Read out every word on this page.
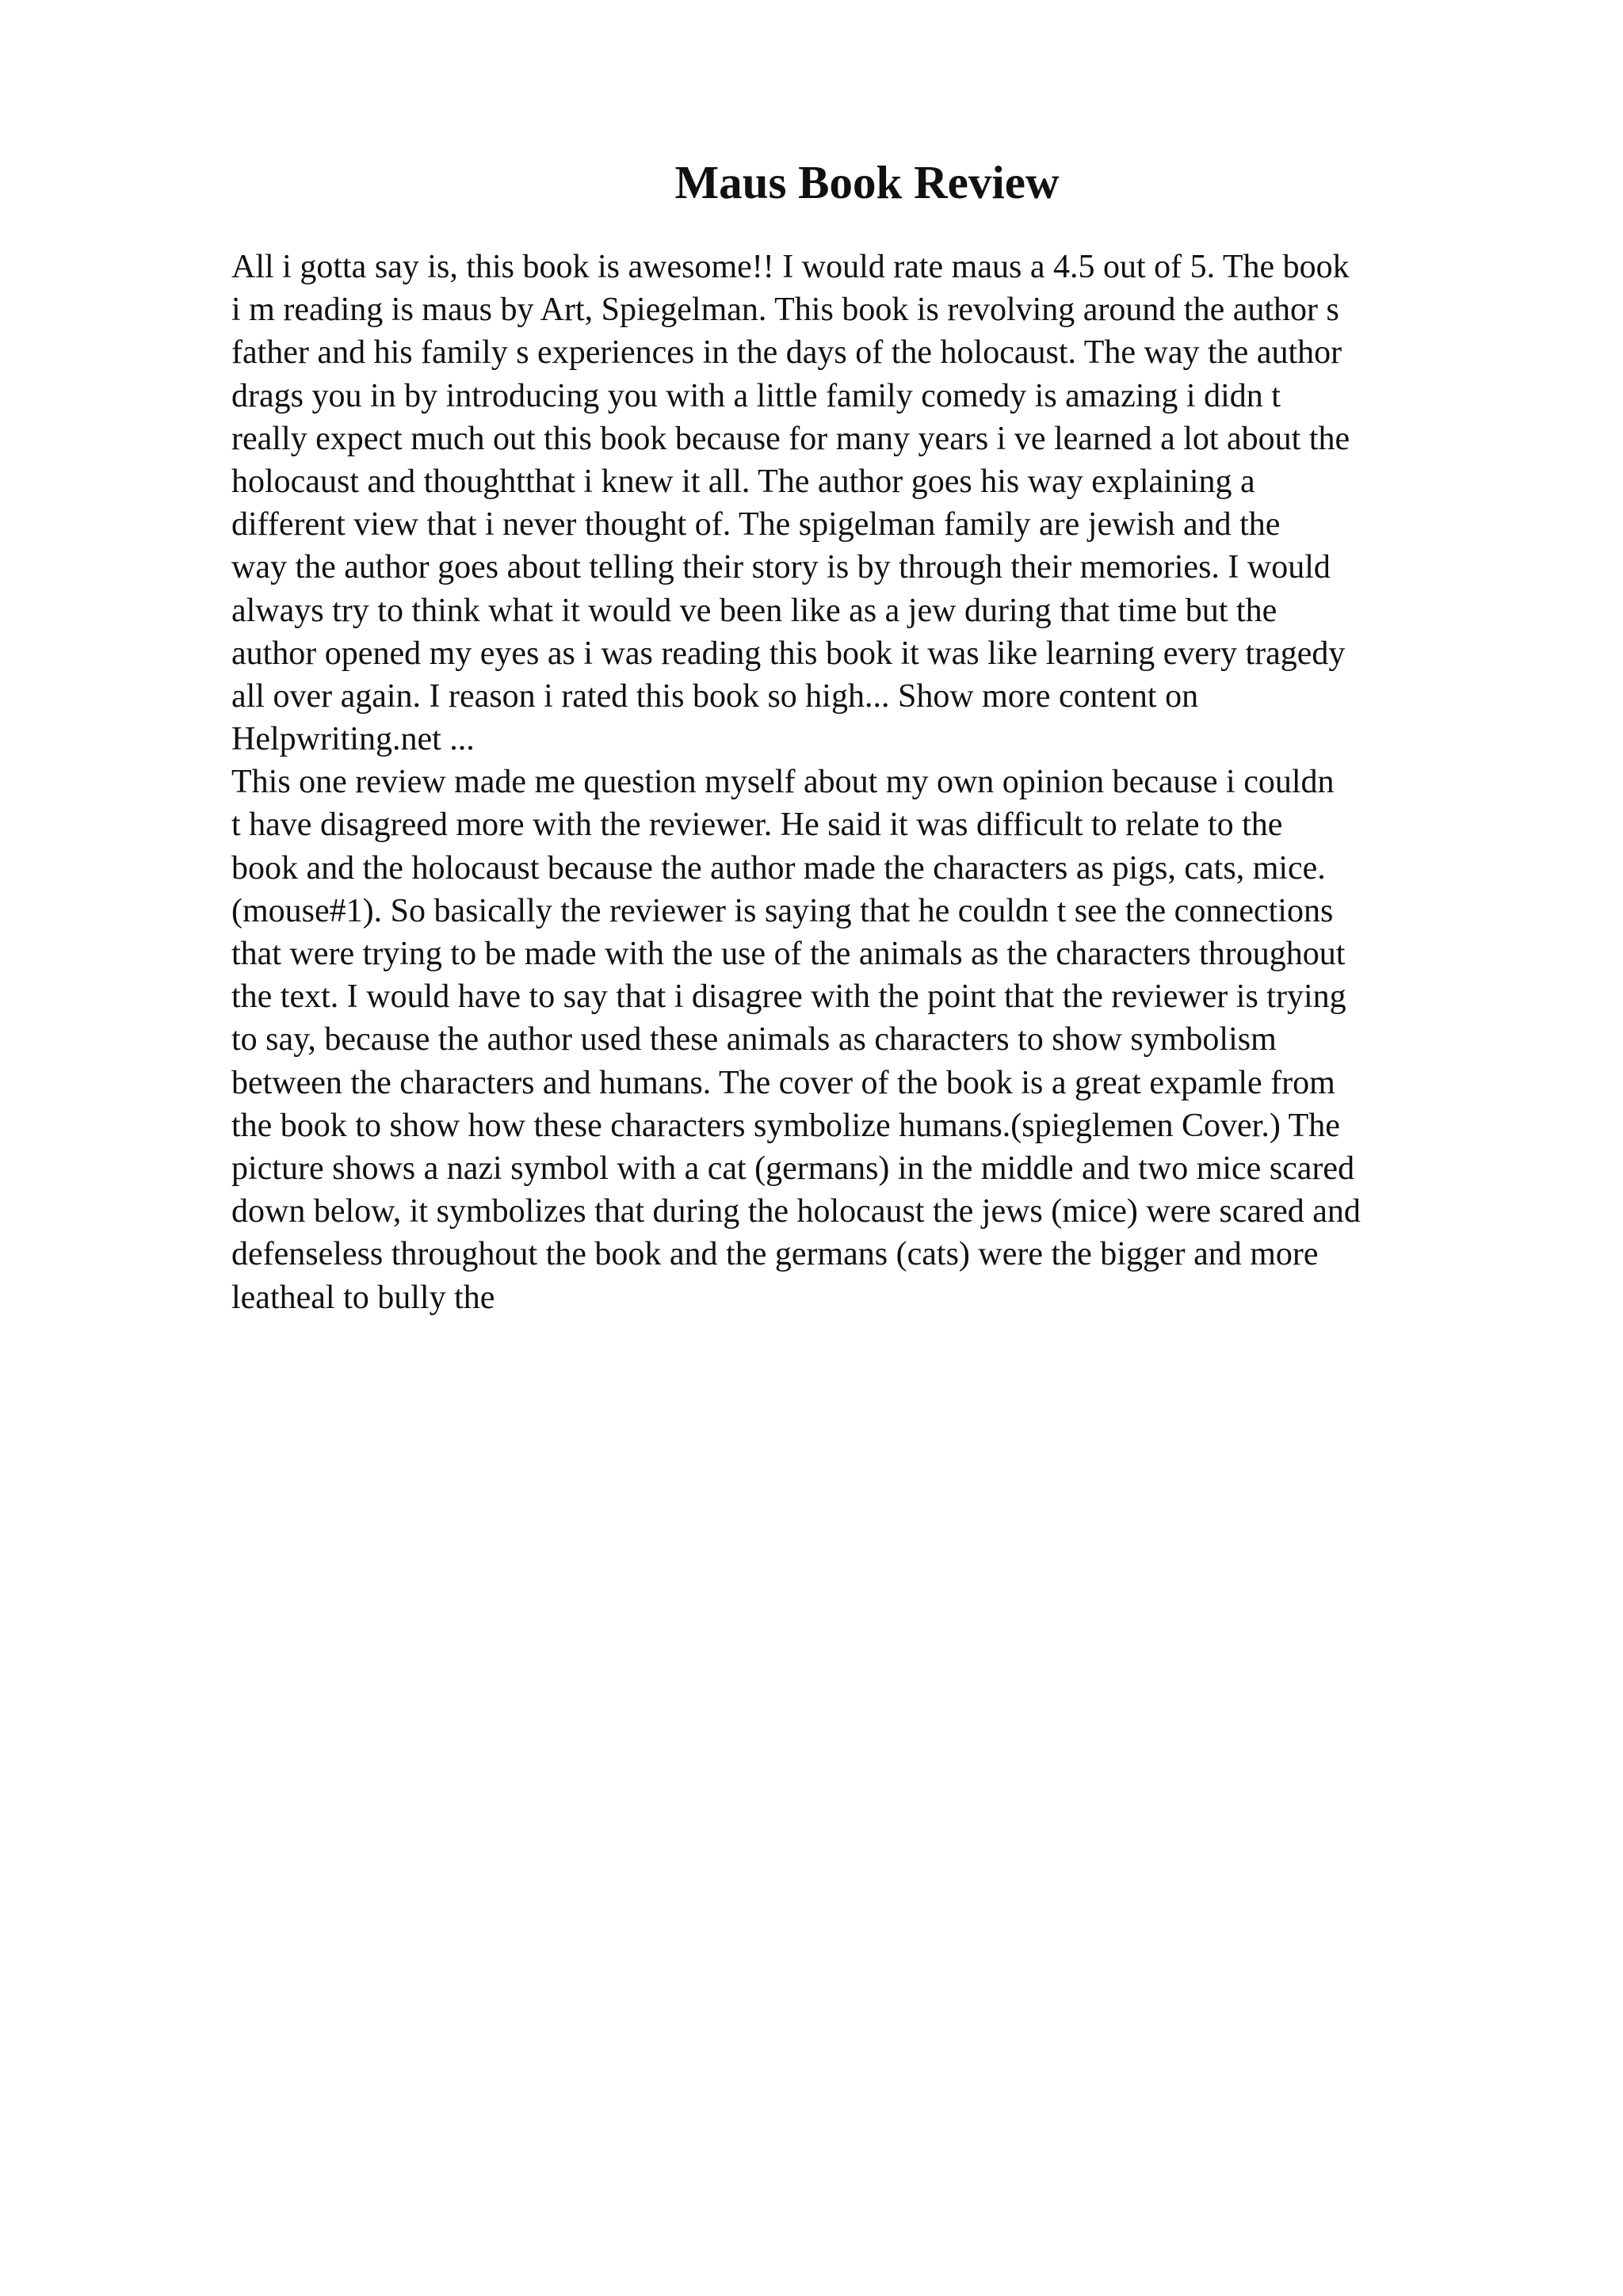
Maus Book Review
All i gotta say is, this book is awesome!! I would rate maus a 4.5 out of 5. The book
i m reading is maus by Art, Spiegelman. This book is revolving around the author s
father and his family s experiences in the days of the holocaust. The way the author
drags you in by introducing you with a little family comedy is amazing i didn t
really expect much out this book because for many years i ve learned a lot about the
holocaust and thoughtthat i knew it all. The author goes his way explaining a
different view that i never thought of. The spigelman family are jewish and the
way the author goes about telling their story is by through their memories. I would
always try to think what it would ve been like as a jew during that time but the
author opened my eyes as i was reading this book it was like learning every tragedy
all over again. I reason i rated this book so high... Show more content on
Helpwriting.net ...
This one review made me question myself about my own opinion because i couldn
t have disagreed more with the reviewer. He said it was difficult to relate to the
book and the holocaust because the author made the characters as pigs, cats, mice.
(mouse#1). So basically the reviewer is saying that he couldn t see the connections
that were trying to be made with the use of the animals as the characters throughout
the text. I would have to say that i disagree with the point that the reviewer is trying
to say, because the author used these animals as characters to show symbolism
between the characters and humans. The cover of the book is a great expamle from
the book to show how these characters symbolize humans.(spieglemen Cover.) The
picture shows a nazi symbol with a cat (germans) in the middle and two mice scared
down below, it symbolizes that during the holocaust the jews (mice) were scared and
defenseless throughout the book and the germans (cats) were the bigger and more
leatheal to bully the
